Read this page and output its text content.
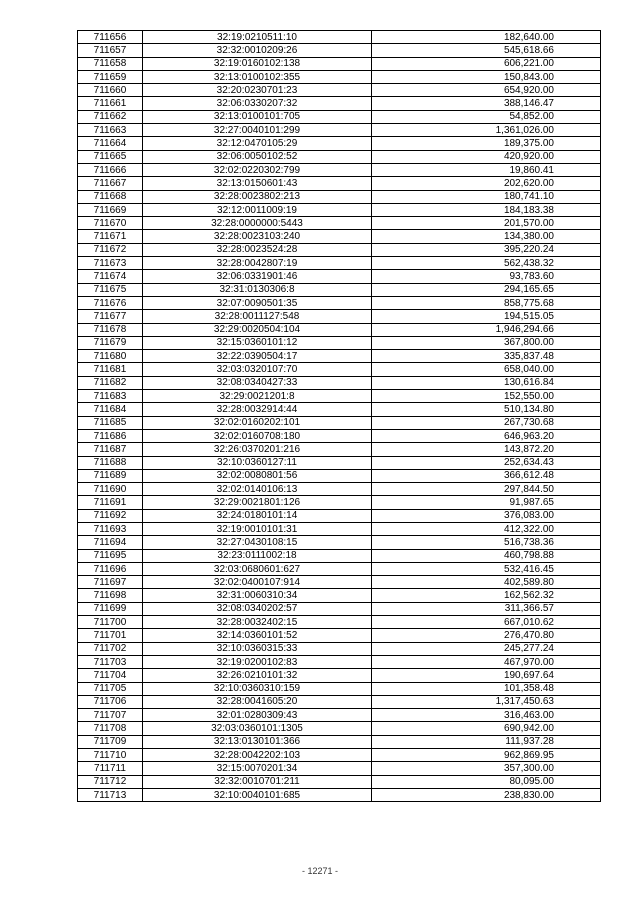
711656	32:19:0210511:10	182,640.00
711657	32:32:0010209:26	545,618.66
711658	32:19:0160102:138	606,221.00
711659	32:13:0100102:355	150,843.00
711660	32:20:0230701:23	654,920.00
711661	32:06:0330207:32	388,146.47
711662	32:13:0100101:705	54,852.00
711663	32:27:0040101:299	1,361,026.00
711664	32:12:0470105:29	189,375.00
711665	32:06:0050102:52	420,920.00
711666	32:02:0220302:799	19,860.41
711667	32:13:0150601:43	202,620.00
711668	32:28:0023802:213	180,741.10
711669	32:12:0011009:19	184,183.38
711670	32:28:0000000:5443	201,570.00
711671	32:28:0023103:240	134,380.00
711672	32:28:0023524:28	395,220.24
711673	32:28:0042807:19	562,438.32
711674	32:06:0331901:46	93,783.60
711675	32:31:0130306:8	294,165.65
711676	32:07:0090501:35	858,775.68
711677	32:28:0011127:548	194,515.05
711678	32:29:0020504:104	1,946,294.66
711679	32:15:0360101:12	367,800.00
711680	32:22:0390504:17	335,837.48
711681	32:03:0320107:70	658,040.00
711682	32:08:0340427:33	130,616.84
711683	32:29:0021201:8	152,550.00
711684	32:28:0032914:44	510,134.80
711685	32:02:0160202:101	267,730.68
711686	32:02:0160708:180	646,963.20
711687	32:26:0370201:216	143,872.20
711688	32:10:0360127:11	252,634.43
711689	32:02:0080801:56	366,612.48
711690	32:02:0140106:13	297,844.50
711691	32:29:0021801:126	91,987.65
711692	32:24:0180101:14	376,083.00
711693	32:19:0010101:31	412,322.00
711694	32:27:0430108:15	516,738.36
711695	32:23:0111002:18	460,798.88
711696	32:03:0680601:627	532,416.45
711697	32:02:0400107:914	402,589.80
711698	32:31:0060310:34	162,562.32
711699	32:08:0340202:57	311,366.57
711700	32:28:0032402:15	667,010.62
711701	32:14:0360101:52	276,470.80
711702	32:10:0360315:33	245,277.24
711703	32:19:0200102:83	467,970.00
711704	32:26:0210101:32	190,697.64
711705	32:10:0360310:159	101,358.48
711706	32:28:0041605:20	1,317,450.63
711707	32:01:0280309:43	316,463.00
711708	32:03:0360101:1305	690,942.00
711709	32:13:0130101:366	111,937.28
711710	32:28:0042202:103	962,869.95
711711	32:15:0070201:34	357,300.00
711712	32:32:0010701:211	80,095.00
711713	32:10:0040101:685	238,830.00
- 12271 -
